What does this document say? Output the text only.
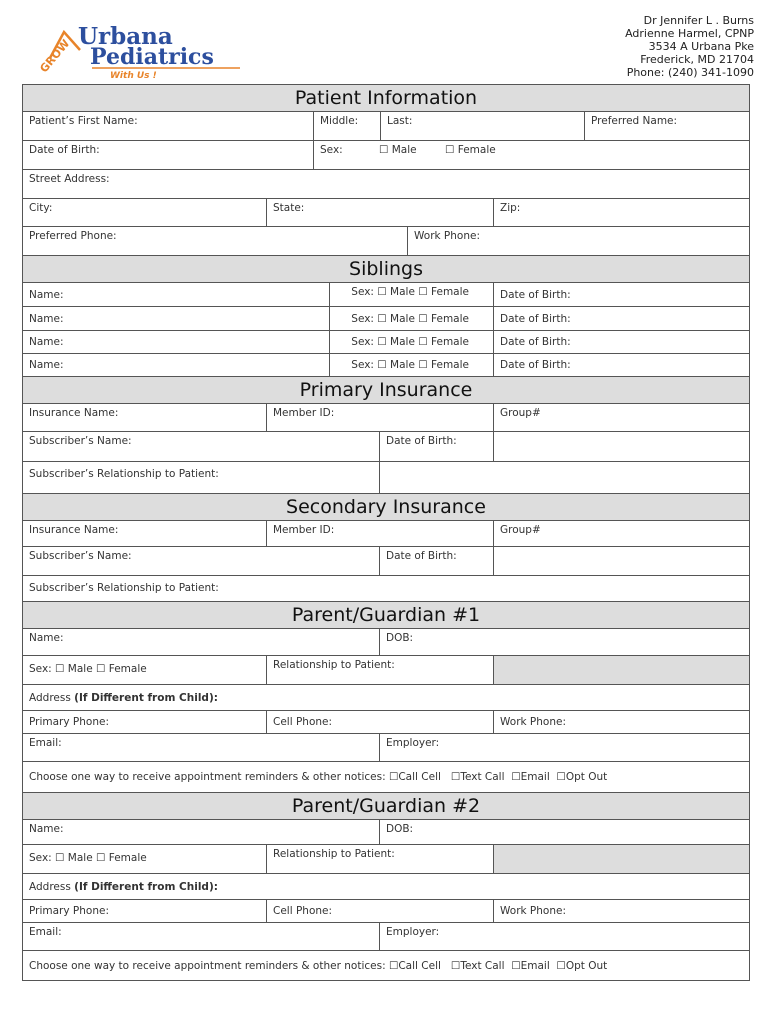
GROW
Urbana
Pediatrics
With Us !
Dr Jennifer L . Burns
Adrienne Harmel, CPNP
3534 A Urbana Pke
Frederick, MD 21704
Phone: (240) 341-1090
Patient Information
Patient’s First Name:	Middle:	Last:	Preferred Name:
Date of Birth:	Sex:	☐ Male	☐ Female
Street Address:
City:	State:	Zip:
Preferred Phone:	Work Phone:
Siblings
Name:	Sex: ☐ Male ☐ Female	Date of Birth:
Name:	Sex: ☐ Male ☐ Female	Date of Birth:
Name:	Sex: ☐ Male ☐ Female	Date of Birth:
Name:	Sex: ☐ Male ☐ Female	Date of Birth:
Primary Insurance
Insurance Name:	Member ID:	Group#
Subscriber’s Name:	Date of Birth:
Subscriber’s Relationship to Patient:
Secondary Insurance
Insurance Name:	Member ID:	Group#
Subscriber’s Name:	Date of Birth:
Subscriber’s Relationship to Patient:
Parent/Guardian #1
Name:	DOB:
Sex: ☐ Male ☐ Female	Relationship to Patient:
Address
(If Different from Child):
Primary Phone:	Cell Phone:	Work Phone:
Email:	Employer:
Choose one way to receive appointment reminders & other notices: ☐Call Cell   ☐Text Call  ☐Email  ☐Opt Out
Parent/Guardian #2
Name:	DOB:
Sex: ☐ Male ☐ Female	Relationship to Patient:
Address
(If Different from Child):
Primary Phone:	Cell Phone:	Work Phone:
Email:	Employer:
Choose one way to receive appointment reminders & other notices: ☐Call Cell   ☐Text Call  ☐Email  ☐Opt Out
